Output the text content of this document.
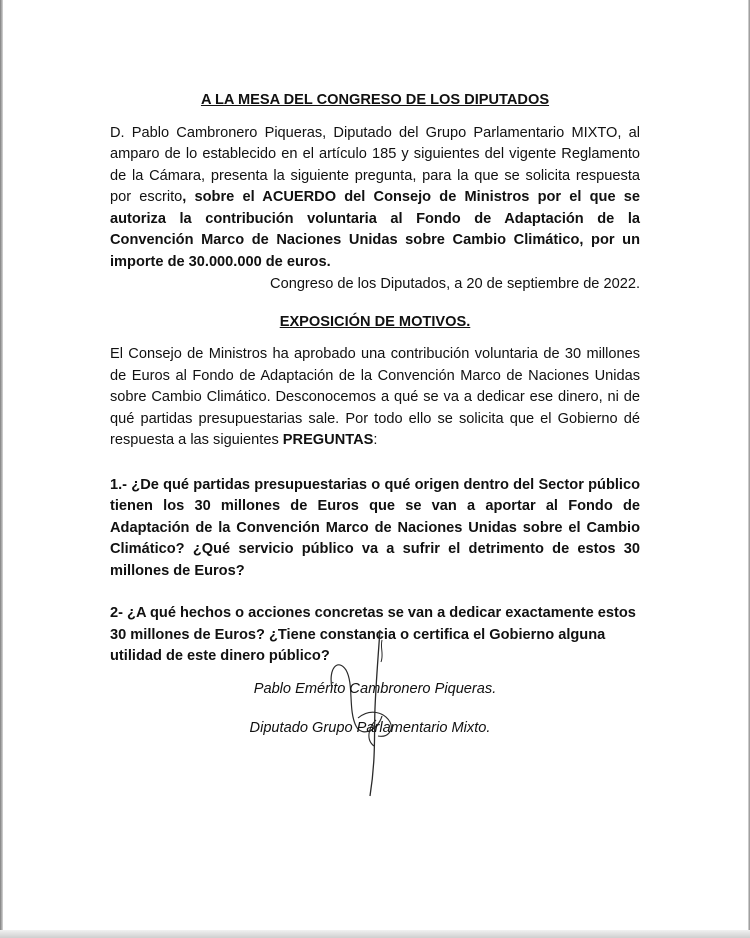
A LA MESA DEL CONGRESO DE LOS DIPUTADOS

D. Pablo Cambronero Piqueras, Diputado del Grupo Parlamentario MIXTO, al amparo de lo establecido en el artículo 185 y siguientes del vigente Reglamento de la Cámara, presenta la siguiente pregunta, para la que se solicita respuesta por escrito, sobre el ACUERDO del Consejo de Ministros por el que se autoriza la contribución voluntaria al Fondo de Adaptación de la Convención Marco de Naciones Unidas sobre Cambio Climático, por un importe de 30.000.000 de euros.

Congreso de los Diputados, a 20 de septiembre de 2022.
EXPOSICIÓN DE MOTIVOS.

El Consejo de Ministros ha aprobado una contribución voluntaria de 30 millones de Euros al Fondo de Adaptación de la Convención Marco de Naciones Unidas sobre Cambio Climático. Desconocemos a qué se va a dedicar ese dinero, ni de qué partidas presupuestarias sale. Por todo ello se solicita que el Gobierno dé respuesta a las siguientes PREGUNTAS:

1.- ¿De qué partidas presupuestarias o qué origen dentro del Sector público tienen los 30 millones de Euros que se van a aportar al Fondo de Adaptación de la Convención Marco de Naciones Unidas sobre el Cambio Climático? ¿Qué servicio público va a sufrir el detrimento de estos 30 millones de Euros?

2- ¿A qué hechos o acciones concretas se van a dedicar exactamente estos 30 millones de Euros? ¿Tiene constancia o certifica el Gobierno alguna utilidad de este dinero público?

Pablo Emérito Cambronero Piqueras.
Diputado Grupo Parlamentario Mixto.
